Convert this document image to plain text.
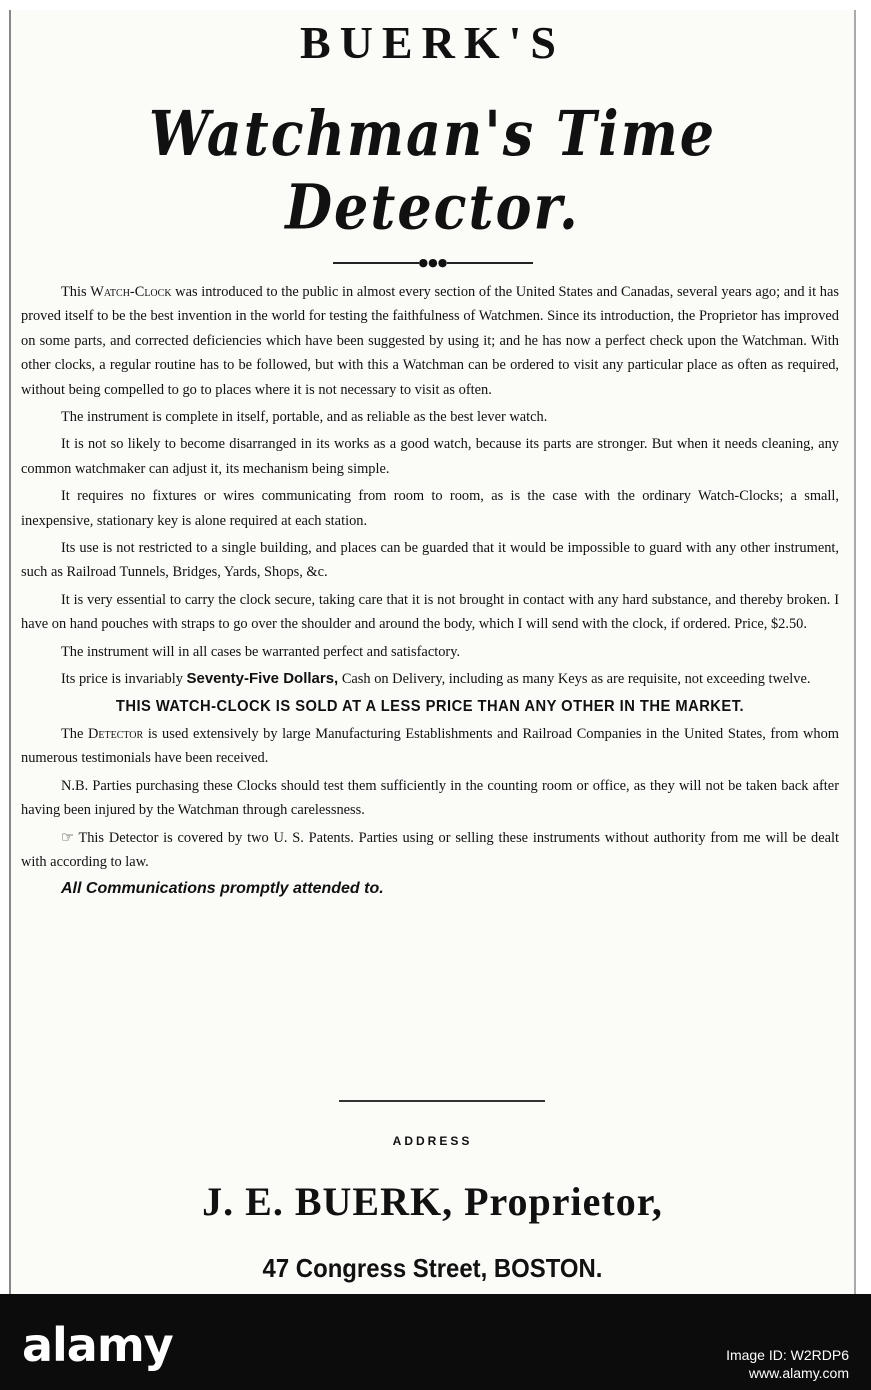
BUERK'S
Watchman's Time Detector.
●●●

This Watch-Clock was introduced to the public in almost every section of the United States and Canadas, several years ago; and it has proved itself to be the best invention in the world for testing the faithfulness of Watchmen. Since its introduction, the Proprietor has improved on some parts, and corrected deficiencies which have been suggested by using it; and he has now a perfect check upon the Watchman. With other clocks, a regular routine has to be followed, but with this a Watchman can be ordered to visit any particular place as often as required, without being compelled to go to places where it is not necessary to visit as often.

The instrument is complete in itself, portable, and as reliable as the best lever watch.

It is not so likely to become disarranged in its works as a good watch, because its parts are stronger. But when it needs cleaning, any common watchmaker can adjust it, its mechanism being simple.

It requires no fixtures or wires communicating from room to room, as is the case with the ordinary Watch-Clocks; a small, inexpensive, stationary key is alone required at each station.

Its use is not restricted to a single building, and places can be guarded that it would be impossible to guard with any other instrument, such as Railroad Tunnels, Bridges, Yards, Shops, &c.

It is very essential to carry the clock secure, taking care that it is not brought in contact with any hard substance, and thereby broken. I have on hand pouches with straps to go over the shoulder and around the body, which I will send with the clock, if ordered. Price, $2.50.

The instrument will in all cases be warranted perfect and satisfactory.

Its price is invariably Seventy-Five Dollars, Cash on Delivery, including as many Keys as are requisite, not exceeding twelve.

THIS WATCH-CLOCK IS SOLD AT A LESS PRICE THAN ANY OTHER IN THE MARKET.

The Detector is used extensively by large Manufacturing Establishments and Railroad Companies in the United States, from whom numerous testimonials have been received.

N.B. Parties purchasing these Clocks should test them sufficiently in the counting room or office, as they will not be taken back after having been injured by the Watchman through carelessness.

☞ This Detector is covered by two U. S. Patents. Parties using or selling these instruments without authority from me will be dealt with according to law.

All Communications promptly attended to.

ADDRESS
J. E. BUERK, Proprietor,
47 Congress Street, BOSTON.
alamy	Image ID: W2RDP6
www.alamy.com
